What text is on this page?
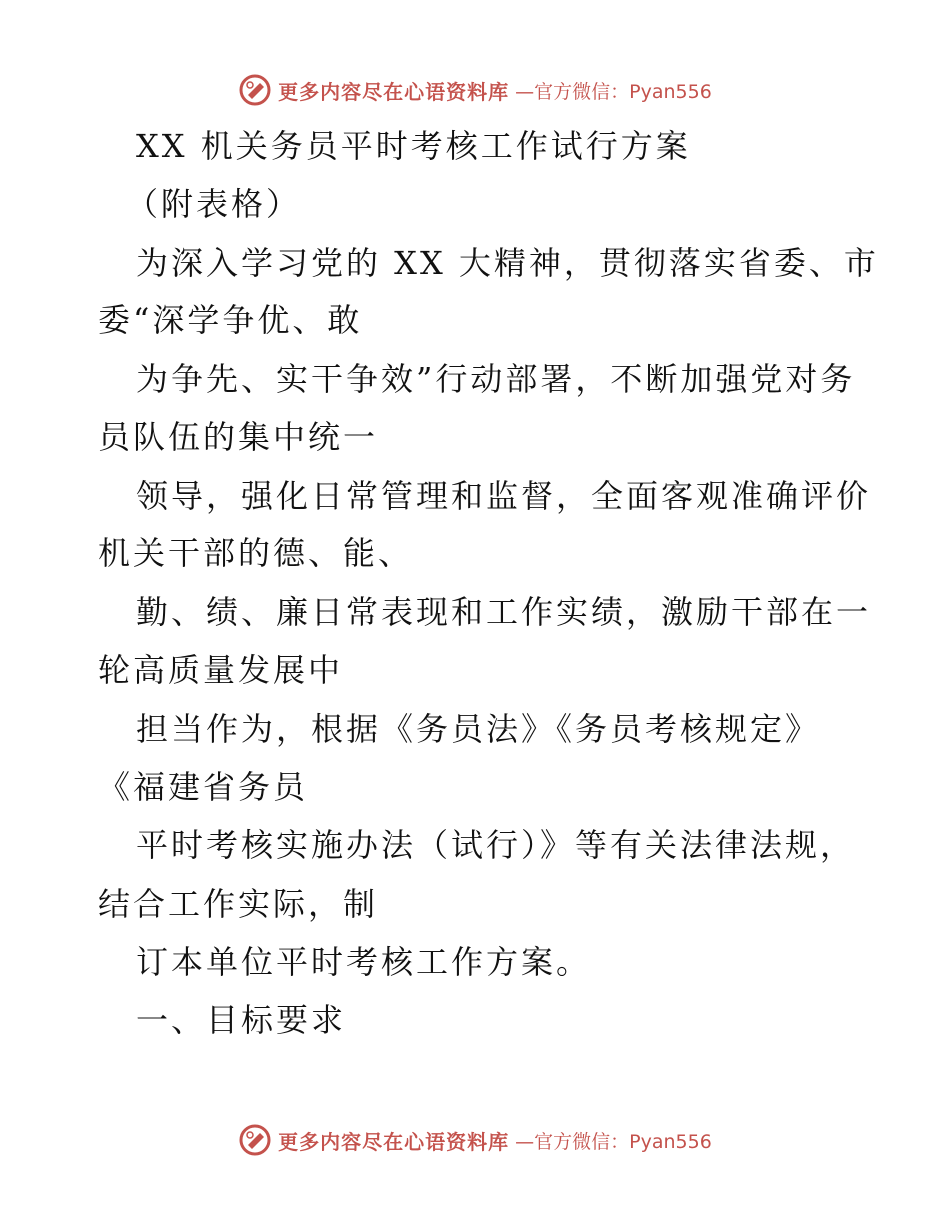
更多内容尽在心语资料库 —官方微信：Pyan556
XX 机关务员平时考核工作试行方案
（附表格）
为深入学习党的 XX 大精神，贯彻落实省委、市
委“深学争优、敢
为争先、实干争效”行动部署，不断加强党对务
员队伍的集中统一
领导，强化日常管理和监督，全面客观准确评价
机关干部的德、能、
勤、绩、廉日常表现和工作实绩，激励干部在一
轮高质量发展中
担当作为，根据《务员法》《务员考核规定》
《福建省务员
平时考核实施办法（试行）》等有关法律法规，
结合工作实际，制
订本单位平时考核工作方案。
一、目标要求
更多内容尽在心语资料库 —官方微信：Pyan556
